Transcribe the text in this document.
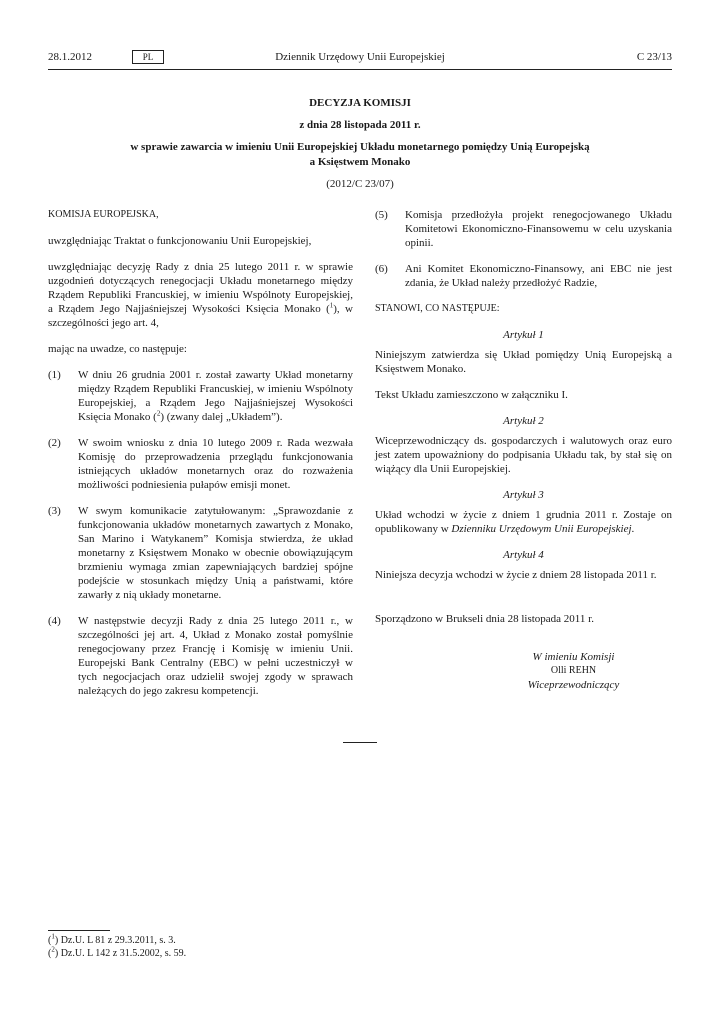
28.1.2012	PL	Dziennik Urzędowy Unii Europejskiej	C 23/13
DECYZJA KOMISJI
z dnia 28 listopada 2011 r.
w sprawie zawarcia w imieniu Unii Europejskiej Układu monetarnego pomiędzy Unią Europejską
a Księstwem Monako
(2012/C 23/07)

KOMISJA EUROPEJSKA,

uwzględniając Traktat o funkcjonowaniu Unii Europejskiej,

uwzględniając decyzję Rady z dnia 25 lutego 2011 r. w sprawie uzgodnień dotyczących renegocjacji Układu monetarnego między Rządem Republiki Francuskiej, w imieniu Wspólnoty Europejskiej, a Rządem Jego Najjaśniejszej Wysokości Księcia Monako ($^1$), w szczególności jego art. 4,

mając na uwadze, co następuje:

(1)	W dniu 26 grudnia 2001 r. został zawarty Układ monetarny między Rządem Republiki Francuskiej, w imieniu Wspólnoty Europejskiej, a Rządem Jego Najjaśniejszej Wysokości Księcia Monako ($^2$) (zwany dalej „Układem”).
(2)	W swoim wniosku z dnia 10 lutego 2009 r. Rada wezwała Komisję do przeprowadzenia przeglądu funkcjonowania istniejących układów monetarnych oraz do rozważenia możliwości podniesienia pułapów emisji monet.
(3)	W swym komunikacie zatytułowanym: „Sprawozdanie z funkcjonowania układów monetarnych zawartych z Monako, San Marino i Watykanem” Komisja stwierdza, że układ monetarny z Księstwem Monako w obecnie obowiązującym brzmieniu wymaga zmian zapewniających bardziej spójne podejście w stosunkach między Unią a państwami, które zawarły z nią układy monetarne.
(4)	W następstwie decyzji Rady z dnia 25 lutego 2011 r., w szczególności jej art. 4, Układ z Monako został pomyślnie renegocjowany przez Francję i Komisję w imieniu Unii. Europejski Bank Centralny (EBC) w pełni uczestniczył w tych negocjacjach oraz udzielił swojej zgody w sprawach należących do jego zakresu kompetencji.
(5)	Komisja przedłożyła projekt renegocjowanego Układu Komitetowi Ekonomiczno-Finansowemu w celu uzyskania opinii.
(6)	Ani Komitet Ekonomiczno-Finansowy, ani EBC nie jest zdania, że Układ należy przedłożyć Radzie,

STANOWI, CO NASTĘPUJE:

Artykuł 1

Niniejszym zatwierdza się Układ pomiędzy Unią Europejską a Księstwem Monako.

Tekst Układu zamieszczono w załączniku I.

Artykuł 2

Wiceprzewodniczący ds. gospodarczych i walutowych oraz euro jest zatem upoważniony do podpisania Układu tak, by stał się on wiążący dla Unii Europejskiej.

Artykuł 3

Układ wchodzi w życie z dniem 1 grudnia 2011 r. Zostaje on opublikowany w Dzienniku Urzędowym Unii Europejskiej.

Artykuł 4

Niniejsza decyzja wchodzi w życie z dniem 28 listopada 2011 r.

Sporządzono w Brukseli dnia 28 listopada 2011 r.

W imieniu Komisji
Olli REHN
Wiceprzewodniczący
($^1$) Dz.U. L 81 z 29.3.2011, s. 3.
($^2$) Dz.U. L 142 z 31.5.2002, s. 59.
